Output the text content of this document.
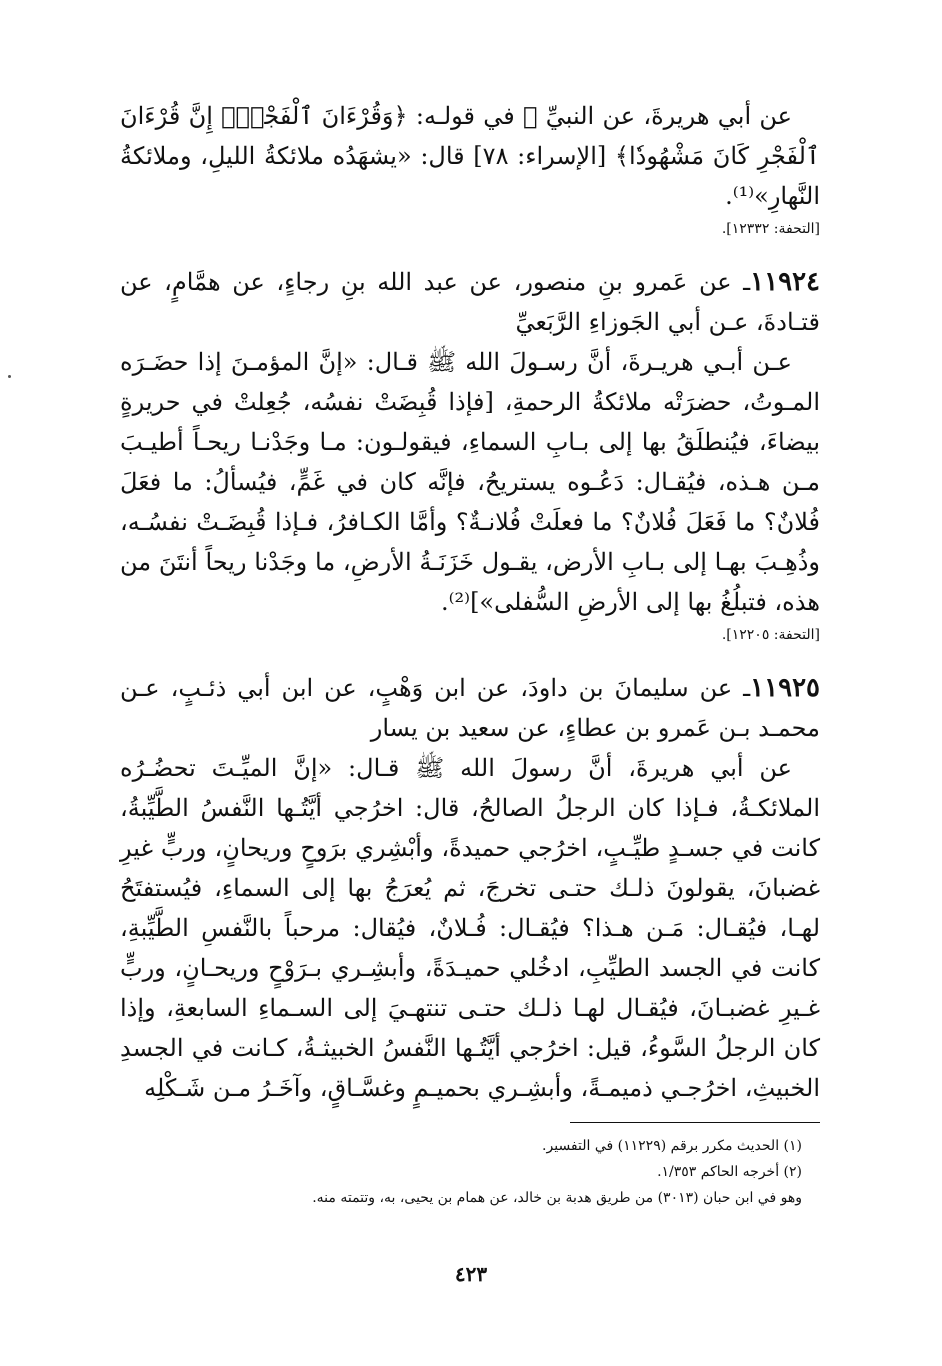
عن أبي هريرةَ، عن النبيِّ ﷺ في قولـه: ﴿وَقُرْءَانَ ٱلْفَجْرِۖ إِنَّ قُرْءَانَ ٱلْفَجْرِ كَانَ مَشْهُودٗا﴾ [الإسراء: ٧٨] قال: «يشهَدُه ملائكةُ الليلِ، وملائكةُ النَّهارِ»⁽¹⁾.

[التحفة: ١٢٣٣٢].

١١٩٢٤ـ عن عَمرو بنِ منصور، عن عبد الله بنِ رجاءٍ، عن همَّامٍ، عن قتـادةَ، عـن أبي الجَوزاءِ الرَّبَعيِّ

عـن أبـي هريـرةَ، أنَّ رسـولَ الله ﷺ قـال: «إنَّ المؤمـنَ إذا حضَـرَه المـوتُ، حضرَتْه ملائكةُ الرحمةِ، [فإذا قُبِضَتْ نفسُه، جُعِلتْ في حريرةٍ بيضاءَ، فيُنطلَقُ بها إلى بـابِ السماءِ، فيقولـون: مـا وجَدْنـا ريحـاً أطيـبَ مـن هـذه، فيُقـال: دَعُـوه يستريحُ، فإنَّه كان في غَمٍّ، فيُسألُ: ما فعَلَ فُلانٌ؟ ما فَعَلَ فُلانٌ؟ ما فعلَتْ فُلانـةٌ؟ وأمَّا الكـافرُ، فـإذا قُبِضَـتْ نفسُـه، وذُهِـبَ بهـا إلى بـابِ الأرض، يقـول خَزَنَـةُ الأرضِ، ما وجَدْنا ريحاً أنتَنَ من هذه، فتبلُغُ بها إلى الأرضِ السُّفلى»]⁽²⁾.

[التحفة: ١٢٢٠٥].

١١٩٢٥ـ عن سليمانَ بن داودَ، عن ابن وَهْبٍ، عن ابن أبي ذئـبٍ، عـن محمـد بـن عَمرو بن عطاءٍ، عن سعيد بن يسار

عن أبي هريرةَ، أنَّ رسولَ الله ﷺ قـال: «إنَّ الميِّـتَ تحضُـرُه الملائكـةُ، فـإذا كان الرجلُ الصالحُ، قال: اخرُجي أيَّتُـها النَّفسُ الطَّيِّبةُ، كانت في جسـدٍ طيِّـبٍ، اخرُجي حميدةً، وأبْشِري برَوحٍ وريحانٍ، وربٍّ غيرِ غضبانَ، يقولونَ ذلـك حتـى تخرجَ، ثم يُعرَجُ بها إلى السماءِ، فيُستفتَحُ لهـا، فيُقـال: مَـن هـذا؟ فيُقـال: فُـلانٌ، فيُقال: مرحباً بالنَّفسِ الطَّيِّبةِ، كانت في الجسد الطيِّبِ، ادخُلي حميـدَةً، وأبشِـري بـرَوْحٍ وريحـانٍ، وربٍّ غـيرِ غضبـانَ، فيُقـال لهـا ذلـك حتـى تنتهـيَ إلى السـماءِ السابعةِ، وإذا كان الرجلُ السَّوءُ، قيل: اخرُجي أيَّتُـها النَّفسُ الخبيثـةُ، كـانت في الجسدِ الخبيثِ، اخرُجـي ذميمـةً، وأبشِـري بحميـمٍ وغسَّـاقٍ، وآخَـرُ مـن شَـكْلِه

(١) الحديث مكرر برقم (١١٢٢٩) في التفسير.

(٢) أخرجه الحاكم ١/٣٥٣.

وهو في ابن حبان (٣٠١٣) من طريق هدبة بن خالد، عن همام بن يحيى، به، وتتمته منه.

٤٢٣
